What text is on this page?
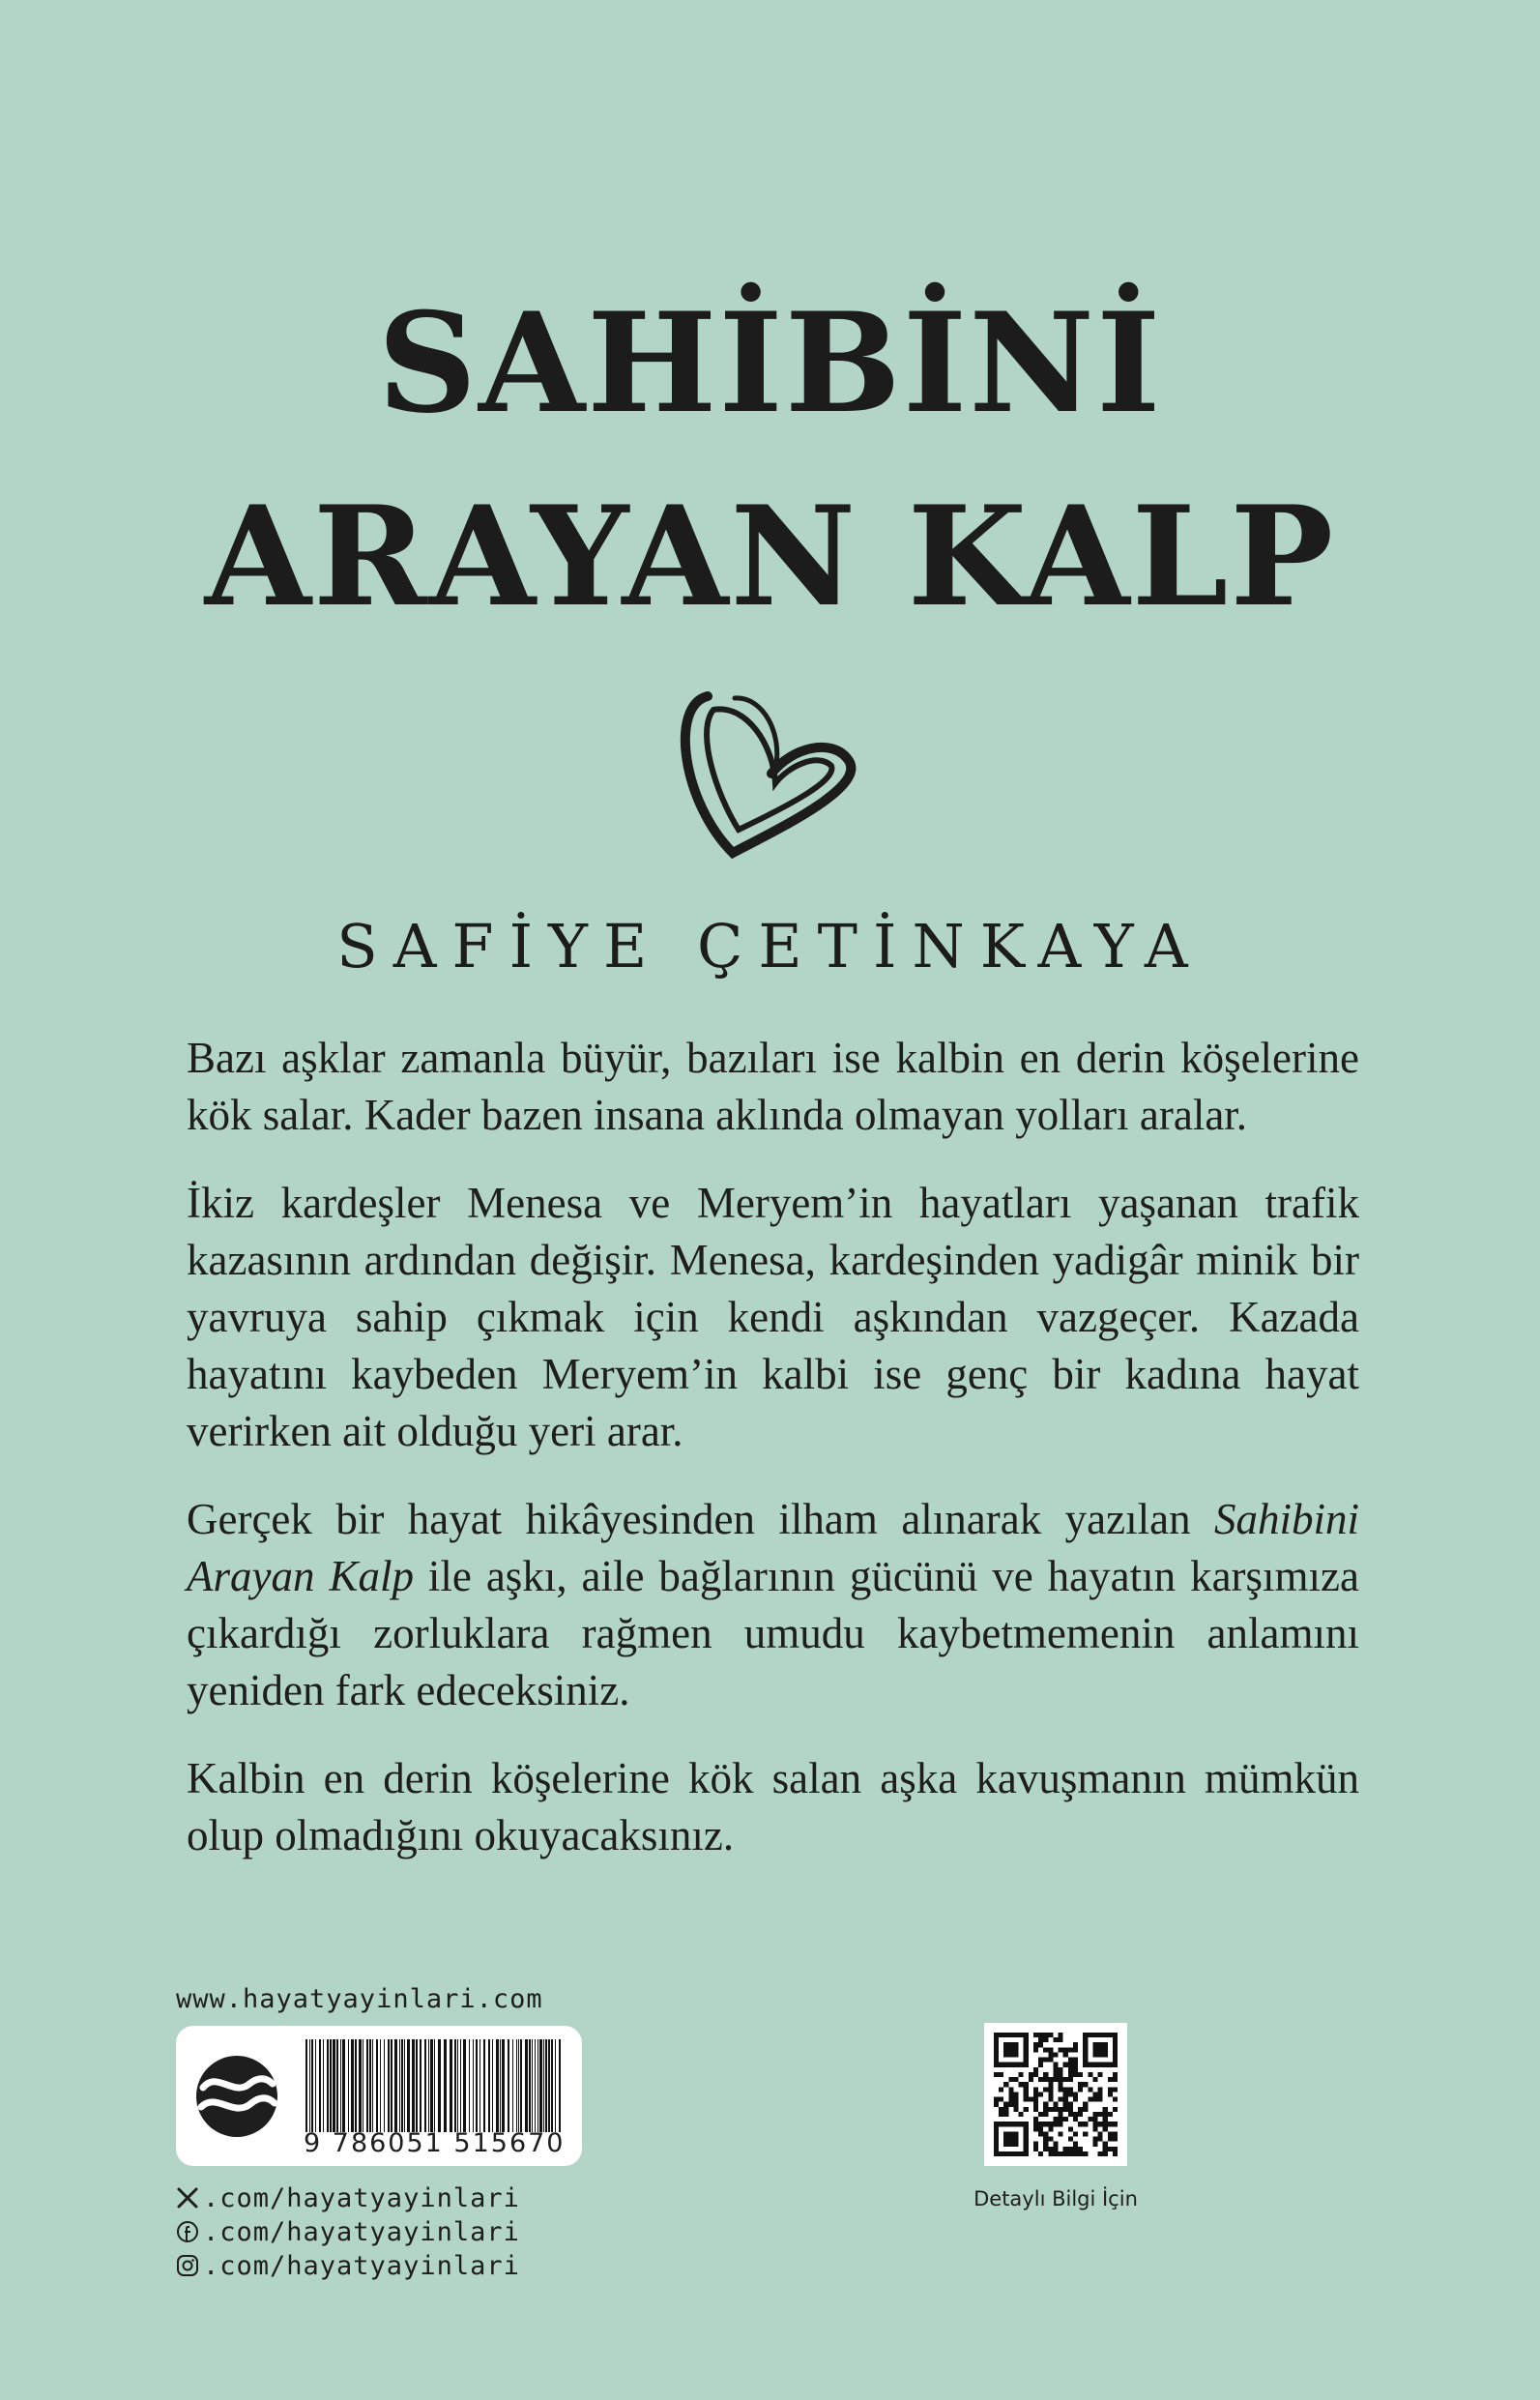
SAHİBİNİ
ARAYAN KALP
SAFİYE ÇETİNKAYA

Bazı aşklar zamanla büyür, bazıları ise kalbin en derin köşelerine kök salar. Kader bazen insana aklında olmayan yolları aralar.

İkiz kardeşler Menesa ve Meryem’in hayatları yaşanan trafik kazasının ardından değişir. Menesa, kardeşinden yadigâr minik bir yavruya sahip çıkmak için kendi aşkından vazgeçer. Kazada hayatını kaybeden Meryem’in kalbi ise genç bir kadına hayat verirken ait olduğu yeri arar.

Gerçek bir hayat hikâyesinden ilham alınarak yazılan Sahibini Arayan Kalp ile aşkı, aile bağlarının gücünü ve hayatın karşımıza çıkardığı zorluklara rağmen umudu kaybetmemenin anlamını yeniden fark edeceksiniz.

Kalbin en derin köşelerine kök salan aşka kavuşmanın mümkün olup olmadığını okuyacaksınız.

www.hayatyayinlari.com
9 786051 515670
.com/hayatyayinlari
.com/hayatyayinlari
.com/hayatyayinlari
Detaylı Bilgi İçin
